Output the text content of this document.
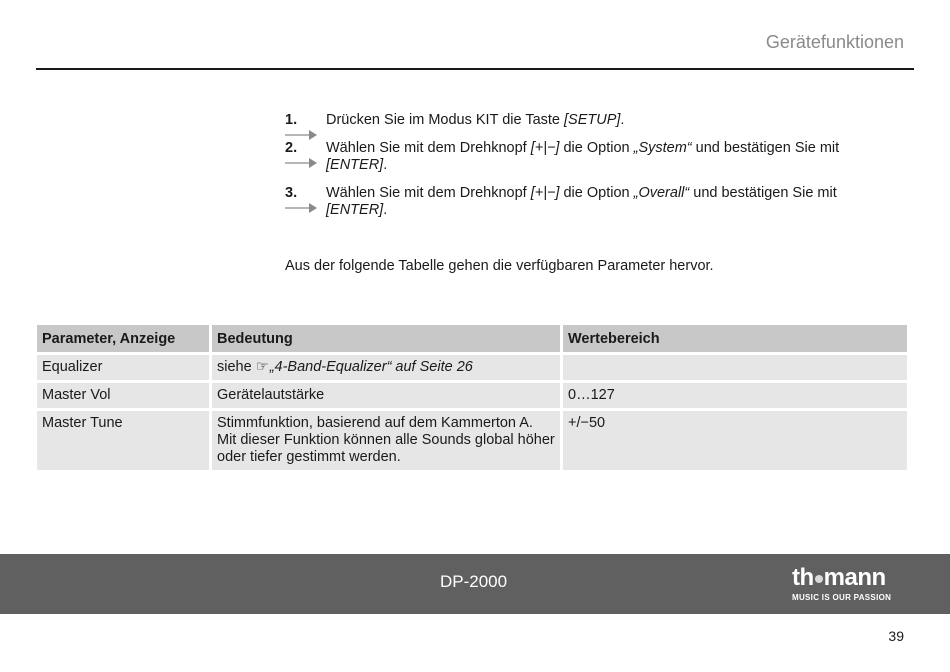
Gerätefunktionen
1. Drücken Sie im Modus KIT die Taste [SETUP].
2. Wählen Sie mit dem Drehknopf [+|−] die Option „System“ und bestätigen Sie mit [ENTER].
3. Wählen Sie mit dem Drehknopf [+|−] die Option „Overall“ und bestätigen Sie mit [ENTER].
Aus der folgende Tabelle gehen die verfügbaren Parameter hervor.
Parameter, Anzeige	Bedeutung	Wertebereich
Equalizer	siehe ☞„4-Band-Equalizer“ auf Seite 26	
Master Vol	Gerätelautstärke	0…127
Master Tune	Stimmfunktion, basierend auf dem Kammerton A. Mit dieser Funktion können alle Sounds global höher oder tiefer gestimmt werden.	+/−50
DP-2000	th mann
MUSIC IS OUR PASSION
39
